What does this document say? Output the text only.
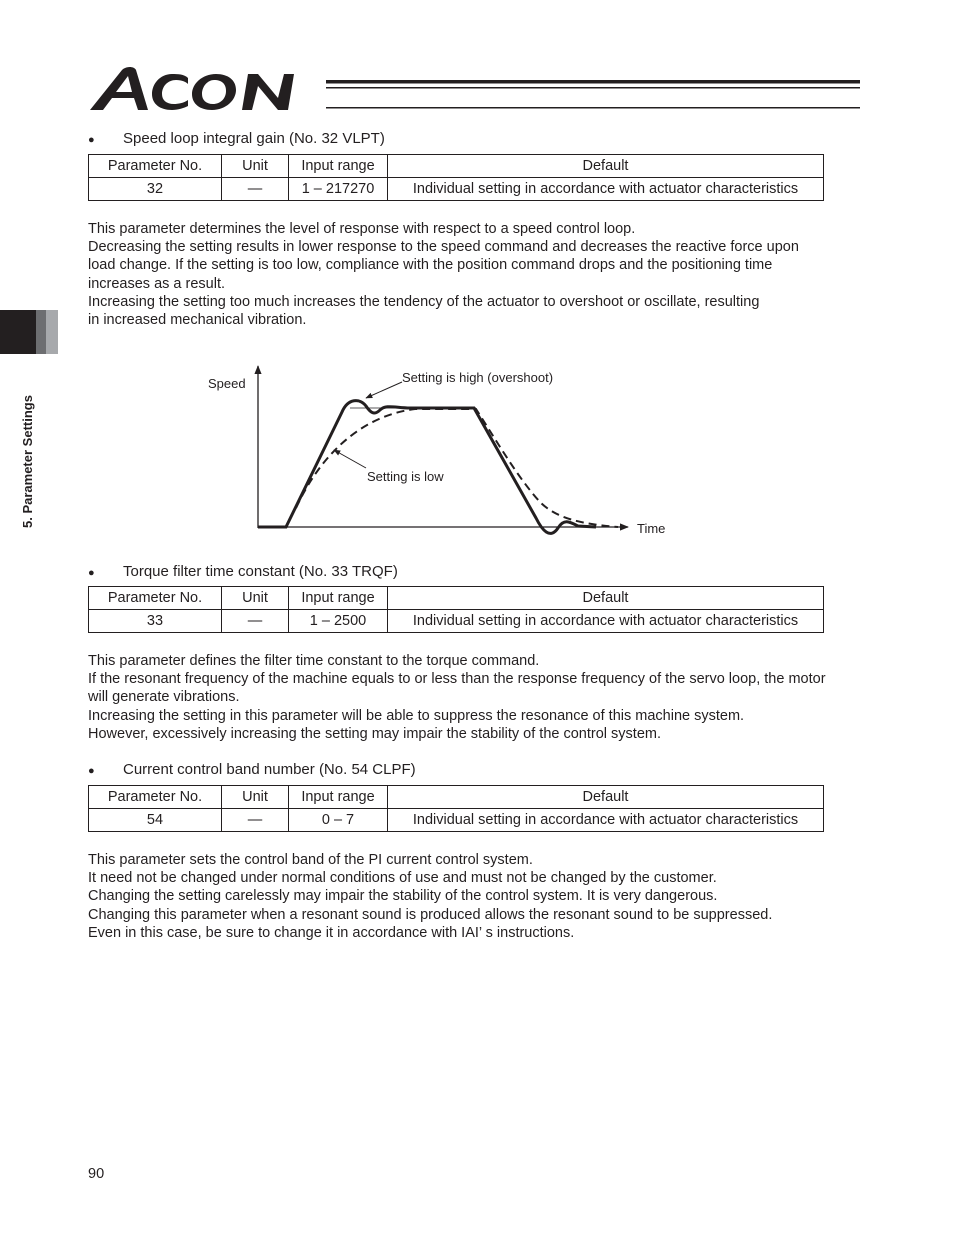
5. Parameter Settings
● Speed loop integral gain (No. 32 VLPT)
Parameter No.	Unit	Input range	Default
32	—	1 – 217270	Individual setting in accordance with actuator characteristics

This parameter determines the level of response with respect to a speed control loop.

Decreasing the setting results in lower response to the speed command and decreases the reactive force upon load change. If the setting is too low, compliance with the position command drops and the positioning time increases as a result.

Increasing the setting too much increases the tendency of the actuator to overshoot or oscillate, resulting in increased mechanical vibration.

Speed
Time
Setting is high (overshoot)
Setting is low
● Torque filter time constant (No. 33 TRQF)
Parameter No.	Unit	Input range	Default
33	—	1 – 2500	Individual setting in accordance with actuator characteristics

This parameter defines the filter time constant to the torque command.

If the resonant frequency of the machine equals to or less than the response frequency of the servo loop, the motor will generate vibrations.

Increasing the setting in this parameter will be able to suppress the resonance of this machine system.

However, excessively increasing the setting may impair the stability of the control system.

● Current control band number (No. 54 CLPF)
Parameter No.	Unit	Input range	Default
54	—	0 – 7	Individual setting in accordance with actuator characteristics

This parameter sets the control band of the PI current control system.

It need not be changed under normal conditions of use and must not be changed by the customer.

Changing the setting carelessly may impair the stability of the control system. It is very dangerous.

Changing this parameter when a resonant sound is produced allows the resonant sound to be suppressed.

Even in this case, be sure to change it in accordance with IAI’ s instructions.

90
